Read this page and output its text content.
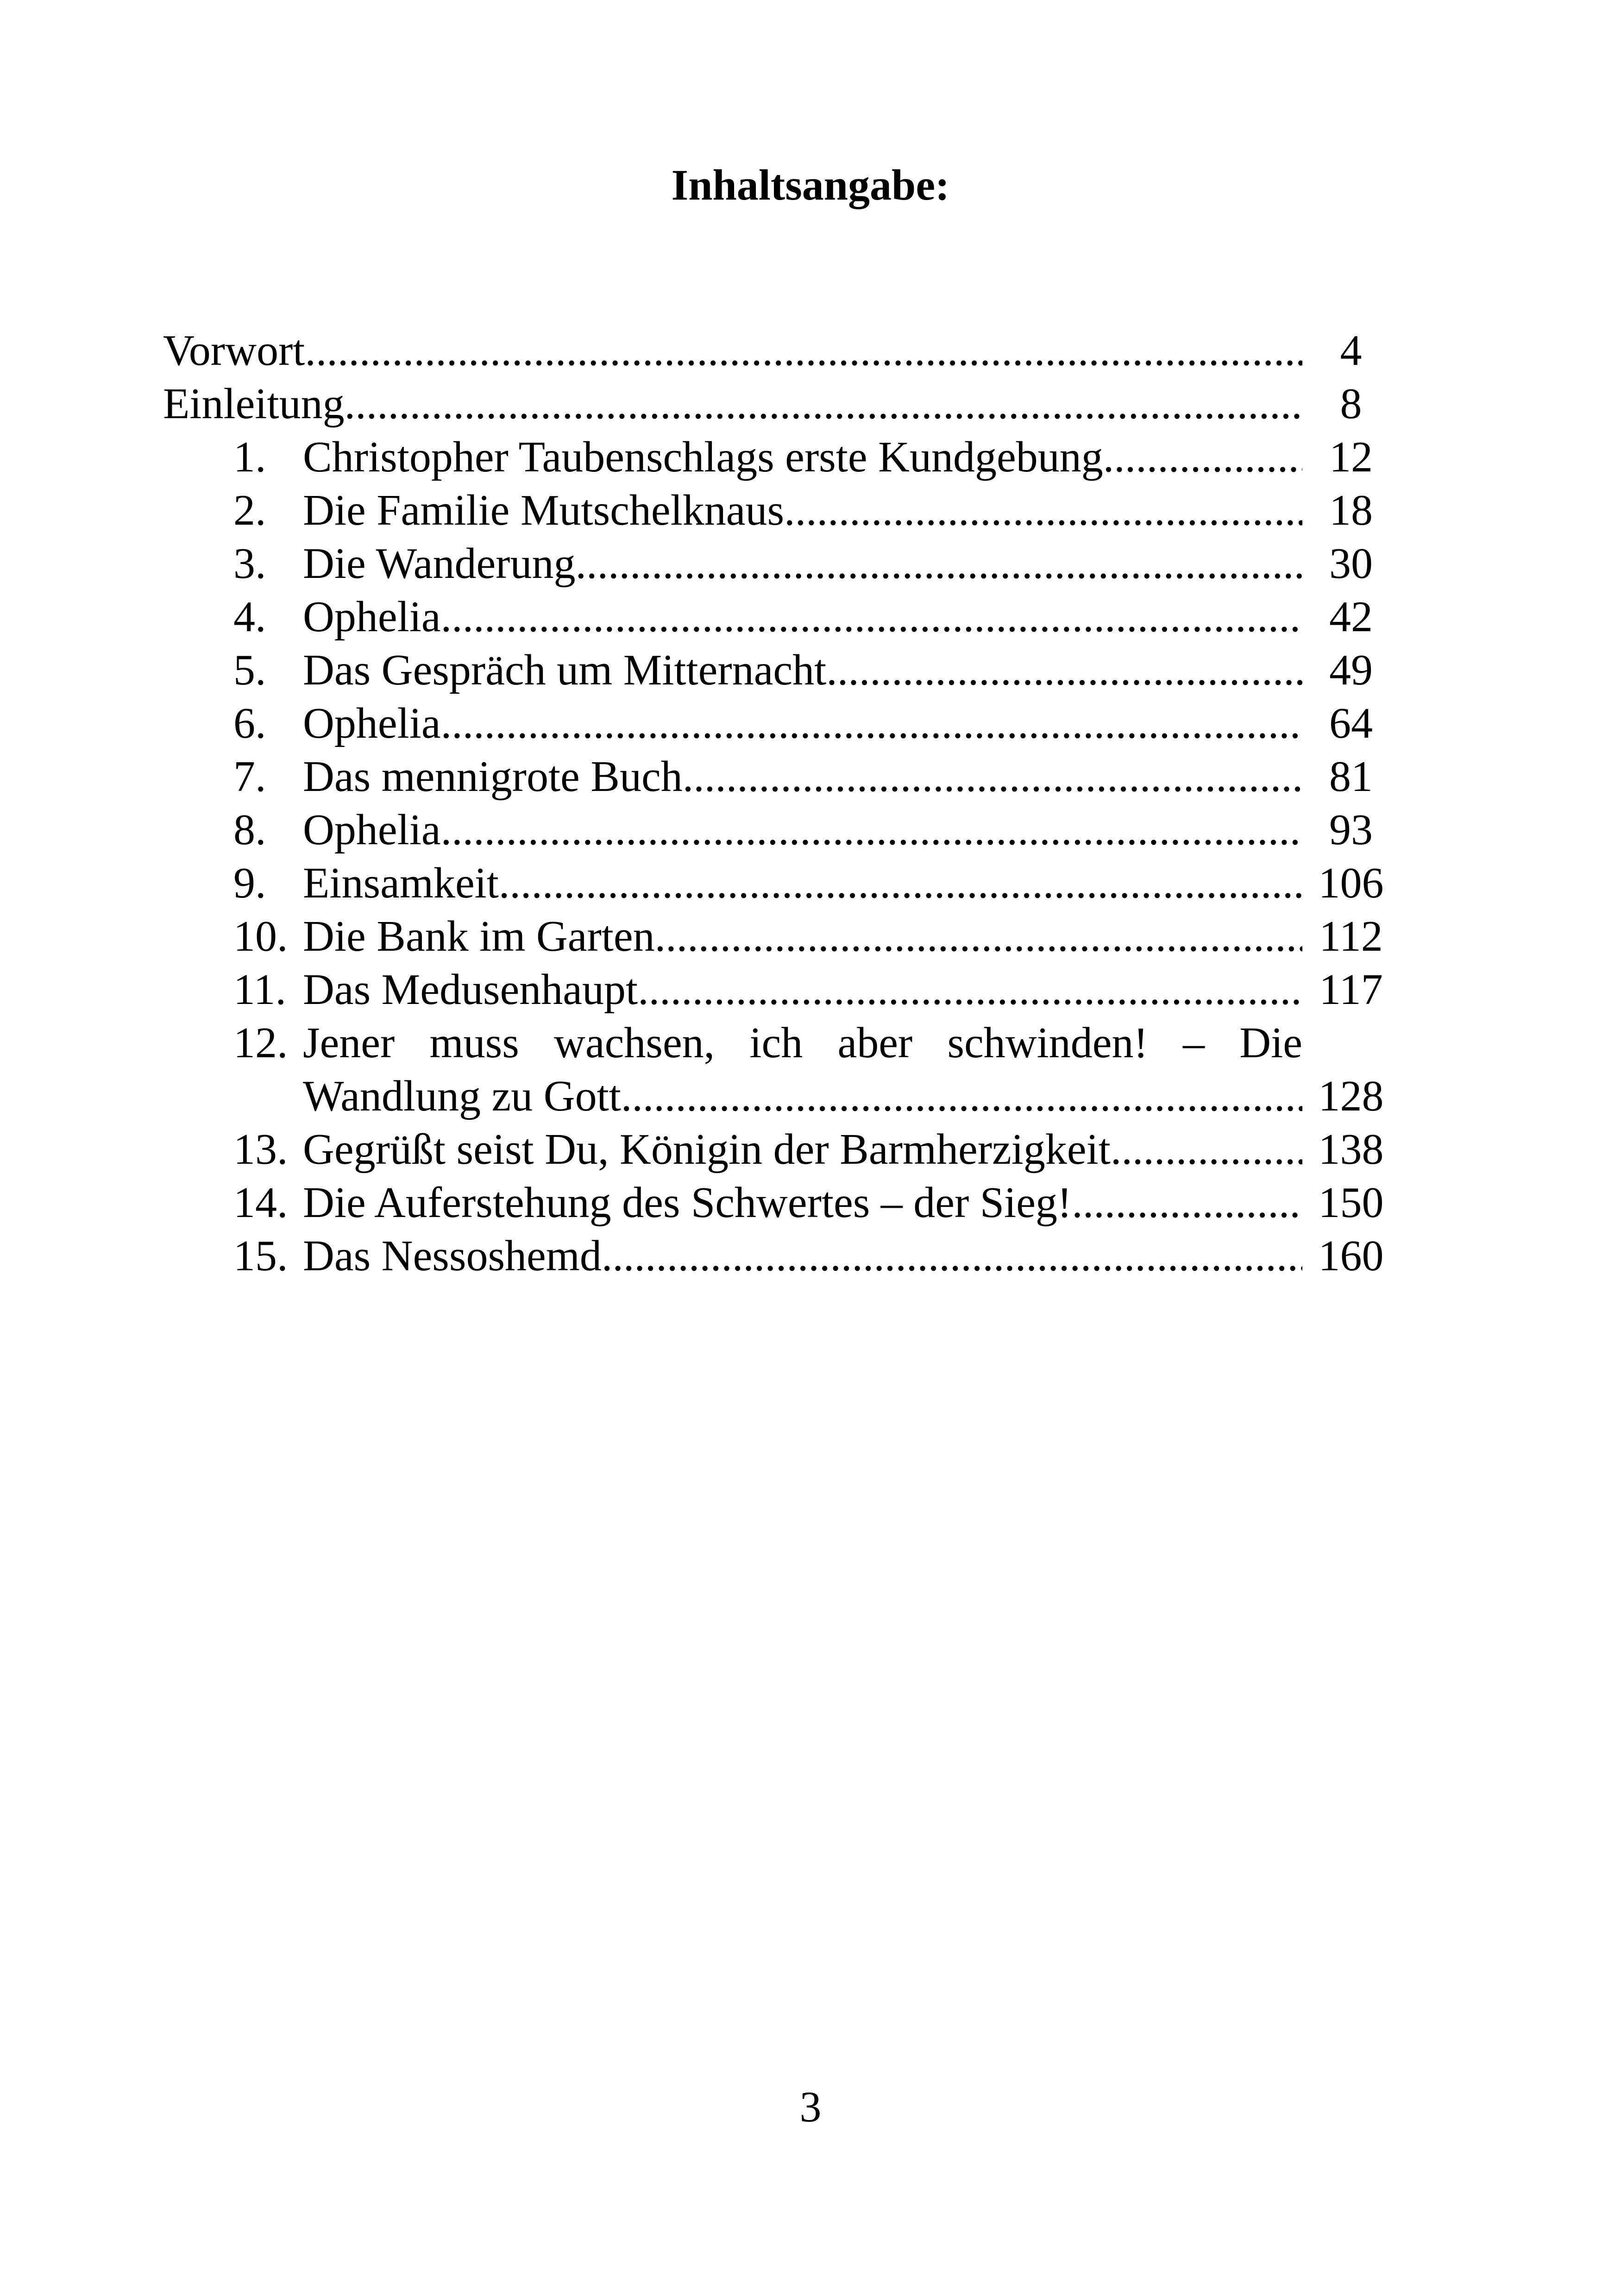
Inhaltsangabe:
Vorwort .....	4
Einleitung .....	8
1. Christopher Taubenschlags erste Kundgebung .....	12
2. Die Familie Mutschelknaus .....	18
3. Die Wanderung .....	30
4. Ophelia .....	42
5. Das Gespräch um Mitternacht .....	49
6. Ophelia .....	64
7. Das mennigrote Buch .....	81
8. Ophelia .....	93
9. Einsamkeit .....	106
10. Die Bank im Garten .....	112
11. Das Medusenhaupt .....	117
12. Jener muss wachsen, ich aber schwinden! – Die
Wandlung zu Gott .....	128
13. Gegrüßt seist Du, Königin der Barmherzigkeit .....	138
14. Die Auferstehung des Schwertes – der Sieg! .....	150
15. Das Nessoshemd .....	160
3
